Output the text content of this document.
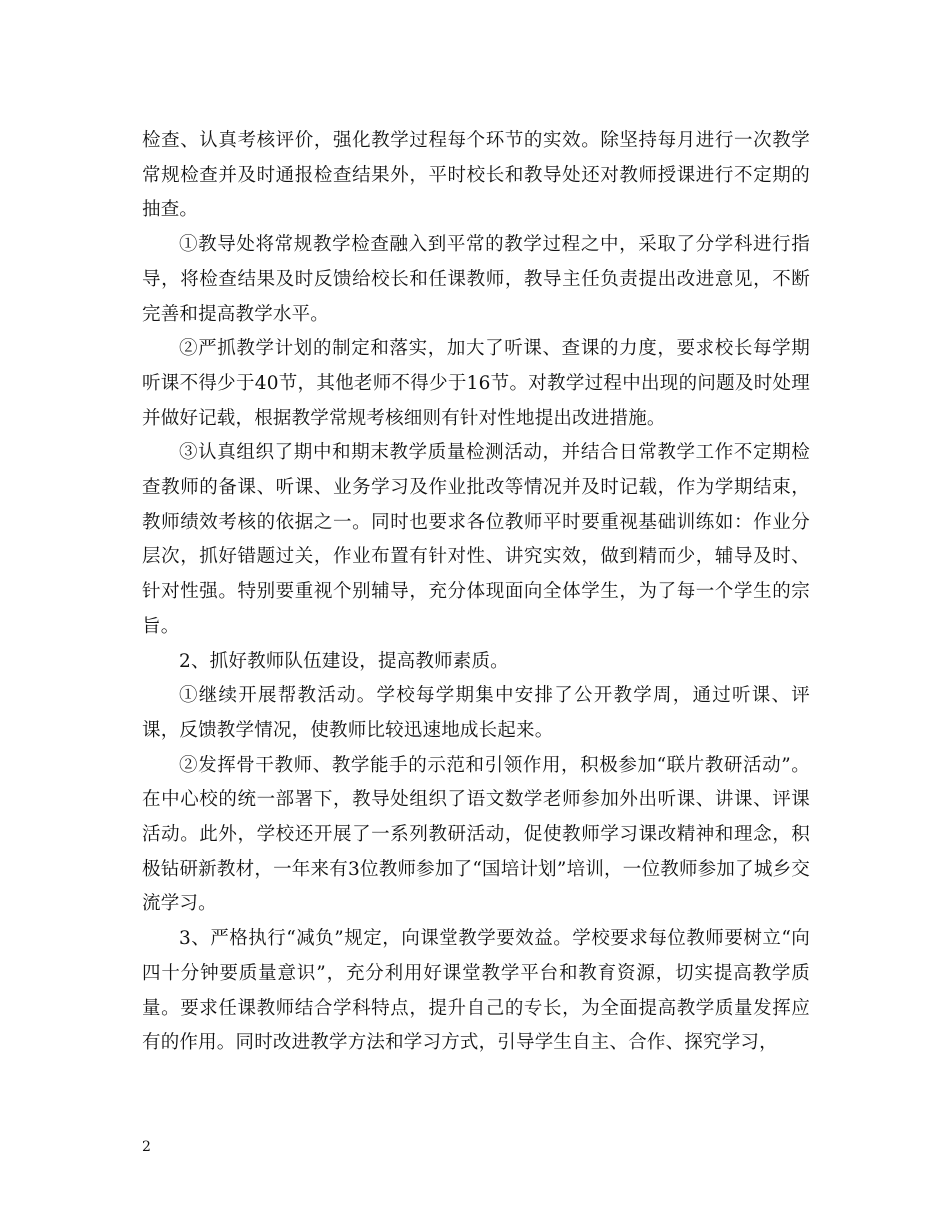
检查、认真考核评价，强化教学过程每个环节的实效。除坚持每月进行一次教学常规检查并及时通报检查结果外，平时校长和教导处还对教师授课进行不定期的抽查。

①教导处将常规教学检查融入到平常的教学过程之中，采取了分学科进行指导，将检查结果及时反馈给校长和任课教师，教导主任负责提出改进意见，不断完善和提高教学水平。

②严抓教学计划的制定和落实，加大了听课、查课的力度，要求校长每学期听课不得少于40节，其他老师不得少于16节。对教学过程中出现的问题及时处理并做好记载，根据教学常规考核细则有针对性地提出改进措施。

③认真组织了期中和期末教学质量检测活动，并结合日常教学工作不定期检查教师的备课、听课、业务学习及作业批改等情况并及时记载，作为学期结束，教师绩效考核的依据之一。同时也要求各位教师平时要重视基础训练如：作业分层次，抓好错题过关，作业布置有针对性、讲究实效，做到精而少，辅导及时、针对性强。特别要重视个别辅导，充分体现面向全体学生，为了每一个学生的宗旨。

2、抓好教师队伍建设，提高教师素质。

①继续开展帮教活动。学校每学期集中安排了公开教学周，通过听课、评课，反馈教学情况，使教师比较迅速地成长起来。

②发挥骨干教师、教学能手的示范和引领作用，积极参加“联片教研活动”。在中心校的统一部署下，教导处组织了语文数学老师参加外出听课、讲课、评课活动。此外，学校还开展了一系列教研活动，促使教师学习课改精神和理念，积极钻研新教材，一年来有3位教师参加了“国培计划”培训，一位教师参加了城乡交流学习。

3、严格执行“减负”规定，向课堂教学要效益。学校要求每位教师要树立“向四十分钟要质量意识”，充分利用好课堂教学平台和教育资源，切实提高教学质量。要求任课教师结合学科特点，提升自己的专长，为全面提高教学质量发挥应有的作用。同时改进教学方法和学习方式，引导学生自主、合作、探究学习，

2
